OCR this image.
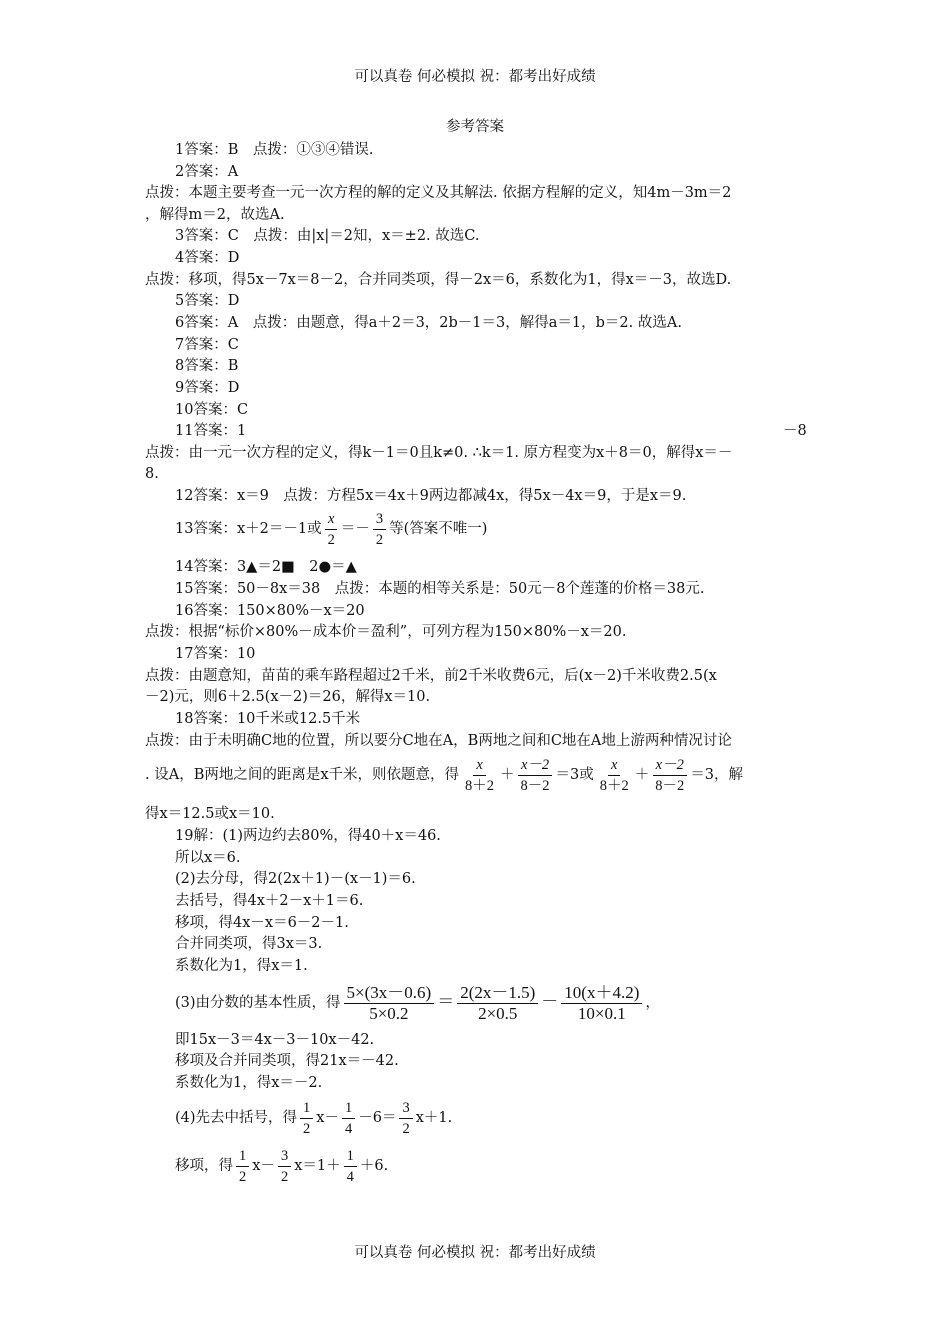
可以真卷 何必模拟 祝：都考出好成绩
参考答案
1答案：B　点拨：①③④错误.
2答案：A
点拨：本题主要考查一元一次方程的解的定义及其解法. 依据方程解的定义，知4m－3m＝2
，解得m＝2，故选A.
3答案：C　点拨：由|x|＝2知，x＝±2. 故选C.
4答案：D
点拨：移项，得5x－7x＝8－2，合并同类项，得－2x＝6，系数化为1，得x＝－3，故选D.
5答案：D
6答案：A　点拨：由题意，得a＋2＝3，2b－1＝3，解得a＝1，b＝2. 故选A.
7答案：C
8答案：B
9答案：D
10答案：C
11答案：1	－8
点拨：由一元一次方程的定义，得k－1＝0且k≠0. ∴k＝1. 原方程变为x＋8＝0，解得x＝－
8.
12答案：x＝9　点拨：方程5x＝4x＋9两边都减4x，得5x－4x＝9，于是x＝9.
13答案：x＋2＝－1或 $\frac{x}{2} =- \frac{3}{2}$ 等(答案不唯一)
14答案：3▲＝2■　2●＝▲
15答案：50－8x＝38　点拨：本题的相等关系是：50元－8个莲蓬的价格＝38元.
16答案：150×80%－x＝20
点拨：根据“标价×80%－成本价＝盈利”，可列方程为150×80%－x＝20.
17答案：10
点拨：由题意知，苗苗的乘车路程超过2千米，前2千米收费6元，后(x－2)千米收费2.5(x
－2)元，则6＋2.5(x－2)＝26，解得x＝10.
18答案：10千米或12.5千米
点拨：由于未明确C地的位置，所以要分C地在A，B两地之间和C地在A地上游两种情况讨论
. 设A，B两地之间的距离是x千米，则依题意，得 $\frac{x}{8+2} + \frac{x-2}{8-2} =3$或 $\frac{x}{8+2} + \frac{x-2}{8-2} =3$，解
得x＝12.5或x＝10.
19解：(1)两边约去80%，得40＋x＝46.
所以x＝6.
(2)去分母，得2(2x＋1)－(x－1)＝6.
去括号，得4x＋2－x＋1＝6.
移项，得4x－x＝6－2－1.
合并同类项，得3x＝3.
系数化为1，得x＝1.
(3)由分数的基本性质，得 $\frac{5\times(3x-0.6)}{5\times 0.2} = \frac{2(2x-1.5)}{2\times 0.5} - \frac{10(x+4.2)}{10\times 0.1}$ ，
即15x－3＝4x－3－10x－42.
移项及合并同类项，得21x＝－42.
系数化为1，得x＝－2.
(4)先去中括号，得 $\frac{1}{2} x- \frac{1}{4} -6= \frac{3}{2} x+1$.
移项，得 $\frac{1}{2} x- \frac{3}{2} x=1+ \frac{1}{4} +6$.
可以真卷 何必模拟 祝：都考出好成绩
